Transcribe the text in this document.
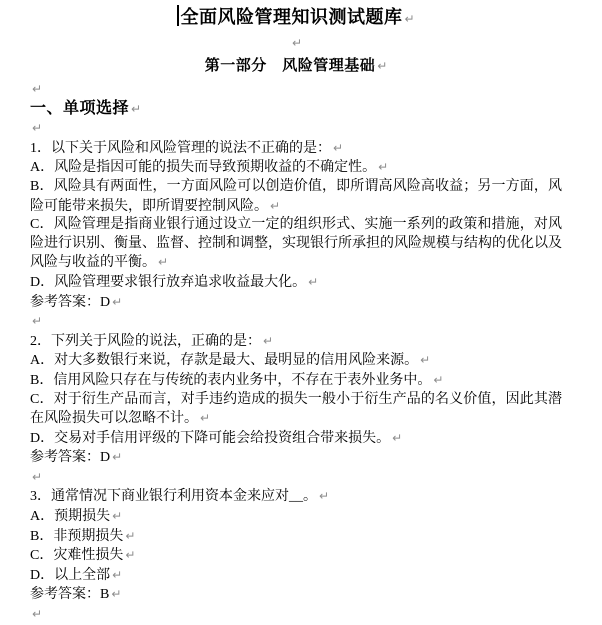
全面风险管理知识测试题库 ↵
↵
第一部分　风险管理基础 ↵
↵
一、单项选择 ↵
↵
1．以下关于风险和风险管理的说法不正确的是： ↵
A．风险是指因可能的损失而导致预期收益的不确定性。 ↵
B．风险具有两面性，一方面风险可以创造价值，即所谓高风险高收益；另一方面，风险可能带来损失，即所谓要控制风险。 ↵
C．风险管理是指商业银行通过设立一定的组织形式、实施一系列的政策和措施，对风险进行识别、衡量、监督、控制和调整，实现银行所承担的风险规模与结构的优化以及风险与收益的平衡。 ↵
D．风险管理要求银行放弃追求收益最大化。 ↵
参考答案：D ↵
↵
2．下列关于风险的说法，正确的是： ↵
A．对大多数银行来说，存款是最大、最明显的信用风险来源。 ↵
B．信用风险只存在与传统的表内业务中，不存在于表外业务中。 ↵
C．对于衍生产品而言，对手违约造成的损失一般小于衍生产品的名义价值，因此其潜在风险损失可以忽略不计。 ↵
D．交易对手信用评级的下降可能会给投资组合带来损失。 ↵
参考答案：D ↵
↵
3．通常情况下商业银行利用资本金来应对__。 ↵
A．预期损失 ↵
B．非预期损失 ↵
C．灾难性损失 ↵
D．以上全部 ↵
参考答案：B ↵
↵
